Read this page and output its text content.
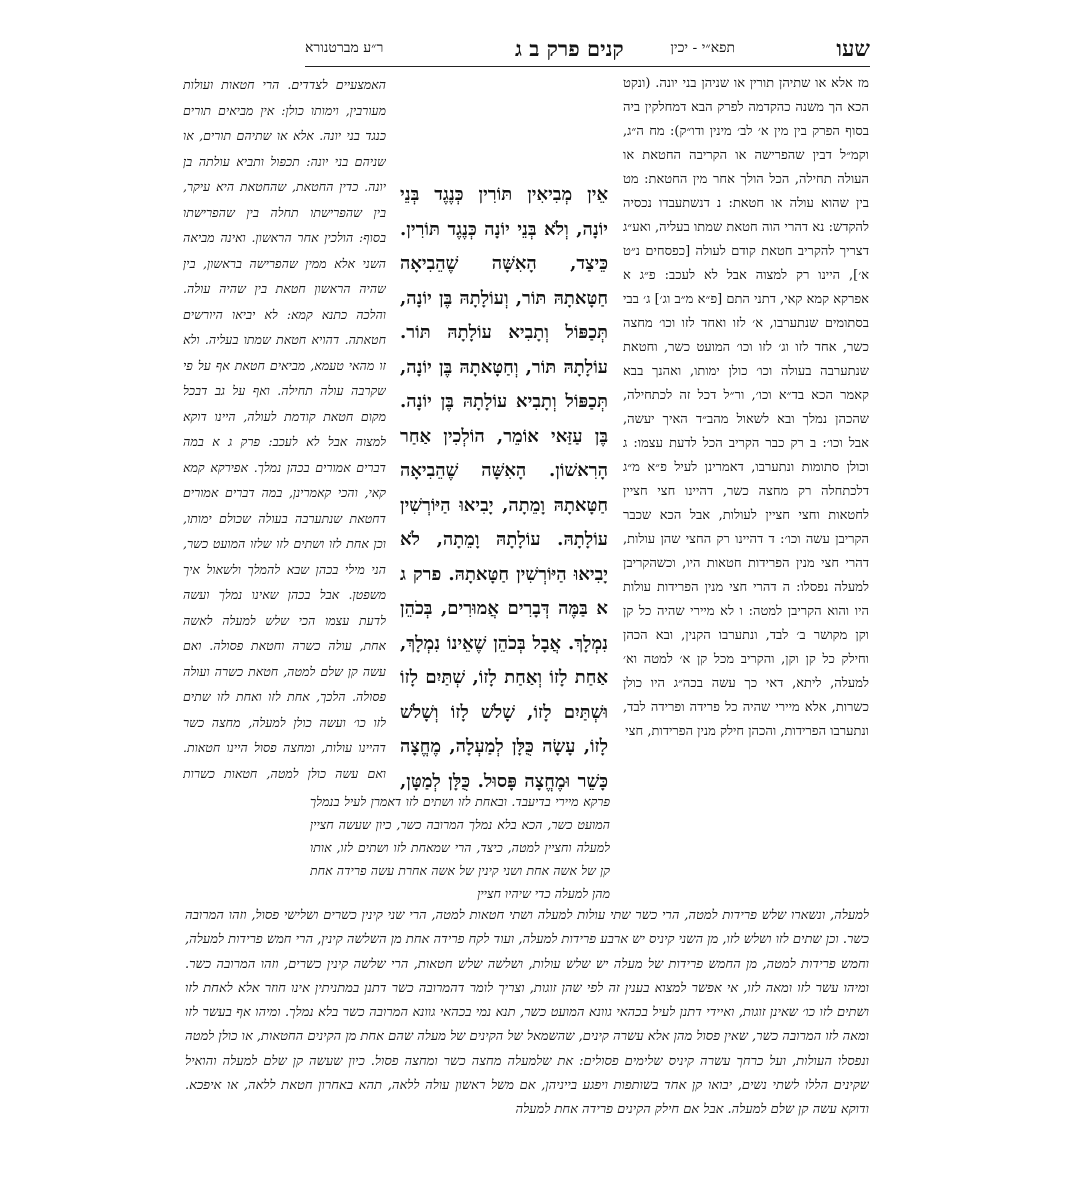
שעו
תפא״י - יכין
קנים פרק ב ג
ר״ע מברטנורא

מז אלא או שתיהן תורין או שניהן בני יונה. (ונקט הכא הך משנה כהקדמה לפרק הבא דמחלקין ביה בסוף הפרק בין מין א׳ לב׳ מינין ודו״ק): מח ה״ג, וקמ״ל דבין שהפרישה או הקריבה החטאת או העולה תחילה, הכל הולך אחר מין החטאת: מט בין שהוא עולה או חטאת: נ דנשתעבדו נכסיה להקדש: נא דהרי הוה חטאת שמתו בעליה, ואע״ג דצריך להקריב חטאת קודם לעולה [כפסחים נ״ט א׳], היינו רק למצוה אבל לא לעכב: פ״ג א אפרקא קמא קאי, דתני התם [פ״א מ״ב וג׳] ג׳ בבי בסתומים שנתערבו, א׳ לזו ואחד לזו וכו׳ מחצה כשר, אחד לזו וג׳ לזו וכו׳ המועט כשר, וחטאת שנתערבה בעולה וכו׳ כולן ימותו, ואהנך בבא קאמר הכא בד״א וכו׳, ור״ל דכל זה לכתחילה, שהכהן נמלך ובא לשאול מהב״ד האיך יעשה, אבל וכו׳: ב רק כבר הקריב הכל לדעת עצמו: ג וכולן סתומות ונתערבו, דאמרינן לעיל פ״א מ״ג דלכתחלה רק מחצה כשר, דהיינו חצי חציין לחטאות וחצי חציין לעולות, אבל הכא שכבר הקריבן עשה וכו׳: ד דהיינו רק החצי שהן עולות, דהרי חצי מנין הפרידות חטאות היו, וכשהקריבן למעלה נפסלו: ה דהרי חצי מנין הפרידות עולות היו והוא הקריבן למטה: ו לא מיירי שהיה כל קן וקן מקושר ב׳ לבד, ונתערבו הקנין, ובא הכהן וחילק כל קן וקן, והקריב מכל קן א׳ למטה וא׳ למעלה, ליתא, דאי כך עשה בכה״ג היו כולן כשרות, אלא מיירי שהיה כל פרידה ופרידה לבד, ונתערבו הפרידות, והכהן חילק מנין הפרידות, חצי

אֵין מְבִיאִין תּוֹרִין כְּנֶגֶד בְּנֵי יוֹנָה, וְלֹא בְּנֵי יוֹנָה כְּנֶגֶד תּוֹרִין. כֵּיצַד, הָאִשָּׁה שֶׁהֵבִיאָה חַטָּאתָהּ תּוֹר, וְעוֹלָתָהּ בֶּן יוֹנָה, תְּכַפּוֹל וְתָבִיא עוֹלָתָהּ תּוֹר. עוֹלָתָהּ תּוֹר, וְחַטָּאתָהּ בֶּן יוֹנָה, תְּכַפּוֹל וְתָבִיא עוֹלָתָהּ בֶּן יוֹנָה. בֶּן עַזַּאי אוֹמֵר, הוֹלְכִין אַחַר הָרִאשׁוֹן. הָאִשָּׁה שֶׁהֵבִיאָה חַטָּאתָהּ וָמֵתָה, יָבִיאוּ הַיּוֹרְשִׁין עוֹלָתָהּ. עוֹלָתָהּ וָמֵתָה, לֹא יָבִיאוּ הַיּוֹרְשִׁין חַטָּאתָהּ. פרק ג א בַּמֶּה דְּבָרִים אֲמוּרִים, בְּכֹהֵן נִמְלָךְ. אֲבָל בְּכֹהֵן שֶׁאֵינוֹ נִמְלָךְ, אַחַת לָזוֹ וְאַחַת לָזוֹ, שְׁתַּיִם לָזוֹ וּשְׁתַּיִם לָזוֹ, שָׁלֹשׁ לָזוֹ וְשָׁלֹשׁ לָזוֹ, עָשָׂה כֻּלָּן לְמַעְלָה, מֶחֱצָה כָּשֵׁר וּמֶחֱצָה פָּסוּל. כֻּלָּן לְמַטָּן,

האמצעיים לצדדים. הרי חטאות ועולות מעורבין, וימותו כולן: אין מביאים תורים כנגד בני יונה. אלא או שתיהם תורים, או שניהם בני יונה: תכפול ותביא עולתה בן יונה. כדין החטאת, שהחטאת היא עיקר, בין שהפרישתו תחלה בין שהפרישתו בסוף: הולכין אחר הראשון. ואינה מביאה השני אלא ממין שהפרישה בראשון, בין שהיה הראשון חטאת בין שהיה עולה. והלכה כתנא קמא: לא יביאו היורשים חטאתה. דהויא חטאת שמתו בעליה. ולא זו מהאי טעמא, מביאים חטאת אף על פי שקרבה עולה תחילה. ואף על גב דבכל מקום חטאת קודמת לעולה, היינו דוקא למצוה אבל לא לעכב: פרק ג א במה דברים אמורים בכהן נמלך. אפירקא קמא קאי, והכי קאמרינן, במה דברים אמורים דחטאת שנתערבה בעולה שכולם ימותו, וכן אחת לזו ושתים לזו שלזו המועט כשר, הני מילי בכהן שבא להמלך ולשאול איך משפטן. אבל בכהן שאינו נמלך ועשה לדעת עצמו הכי שלש למעלה לאשה אחת, עולה כשרה וחטאת פסולה. ואם עשה קן שלם למטה, חטאת כשרה ועולה פסולה. הלכך, אחת לזו ואחת לזו שתים לזו כו׳ ועשה כולן למעלה, מחצה כשר דהיינו עולות, ומחצה פסול היינו חטאות. ואם עשה כולן למטה, חטאות כשרות

פרקא מיירי בדיעבד. ובאחת לזו ושתים לזו דאמרן לעיל בנמלך המועט כשר, הכא בלא נמלך המרובה כשר, כיון שעשה חציין למעלה וחציין למטה, כיצד, הרי שמאחת לזו ושתים לזו, אותו קן של אשה אחת ושני קינין של אשה אחרת עשה פרידה אחת מהן למעלה כדי שיהיו חציין

למעלה, ונשארו שלש פרידות למטה, הרי כשר שתי עולות למעלה ושתי חטאות למטה, הרי שני קינין כשרים ושלישי פסול, וזהו המרובה כשר. וכן שתים לזו ושלש לזו, מן השני קיניס יש ארבע פרידות למעלה, ועוד לקח פרידה אחת מן השלשה קינין, הרי חמש פרידות למעלה, וחמש פרידות למטה, מן החמש פרידות של מעלה יש שלש עולות, ושלשה שלש חטאות, הרי שלשה קינין כשרים, וזהו המרובה כשר. ומיהו עשר לזו ומאה לזו, אי אפשר למצוא בענין זה לפי שהן זוגות, וצריך לומר דהמרובה כשר דתנן במתניתין אינו חוזר אלא לאחת לזו ושתים לזו כו׳ שאינן זוגות, ואיידי דתנן לעיל בכהאי גוונא המועט כשר, תנא נמי בכהאי גוונא המרובה כשר בלא נמלך. ומיהו אף בעשר לזו ומאה לזו המרובה כשר, שאין פסול מהן אלא עשרה קינים, שהשמאל של הקינים של מעלה שהם אחת מן הקינים החטאות, או כולן למטה ונפסלו העולות, ועל כרחך עשרה קיניס שלימים פסולים: את שלמעלה מחצה כשר ומחצה פסול. כיון שעשה קן שלם למעלה והואיל שקינים הללו לשתי נשים, יבואו קן אחד בשותפות ויפגע בייניהן, אם משל ראשון עולה ללאה, תהא באחרון חטאת ללאה, או איפכא. ודוקא עשה קן שלם למעלה. אבל אם חילק הקינים פרידה אחת למעלה
